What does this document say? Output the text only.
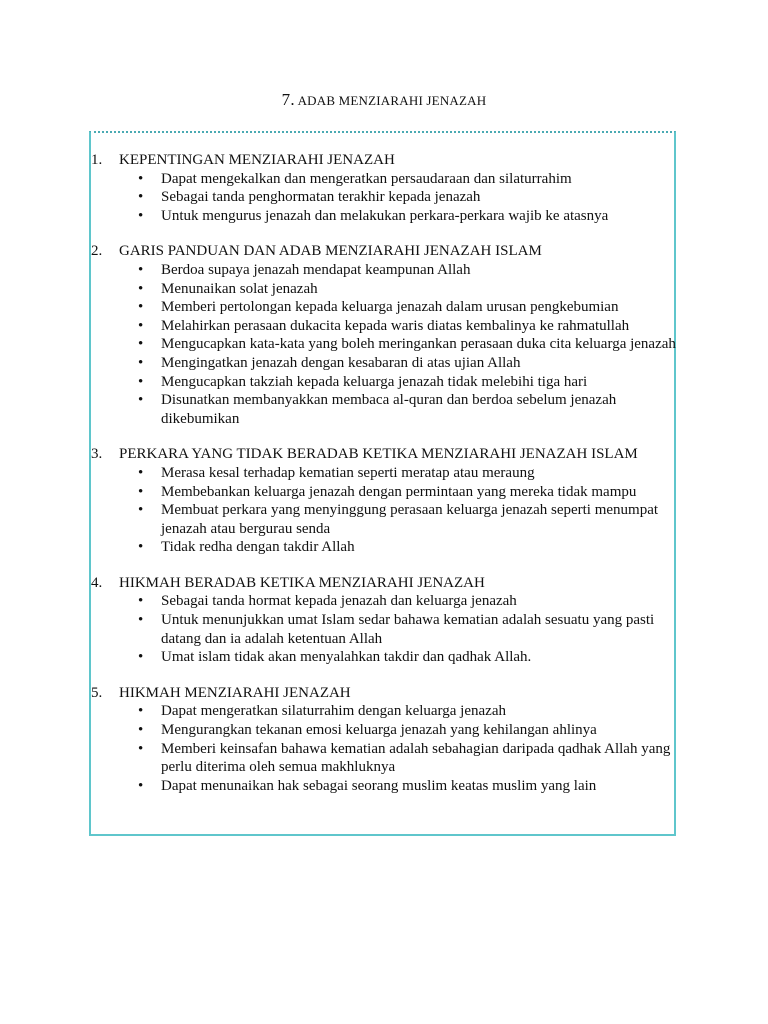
7. ADAB MENZIARAHI JENAZAH
1.	KEPENTINGAN MENZIARAHI JENAZAH
• Dapat mengekalkan dan mengeratkan persaudaraan dan silaturrahim
• Sebagai tanda penghormatan terakhir kepada jenazah
• Untuk mengurus jenazah dan melakukan perkara-perkara wajib ke atasnya
2.	GARIS PANDUAN DAN ADAB MENZIARAHI JENAZAH ISLAM
• Berdoa supaya jenazah mendapat keampunan Allah
• Menunaikan solat jenazah
• Memberi pertolongan kepada keluarga jenazah dalam urusan pengkebumian
• Melahirkan perasaan dukacita kepada waris diatas kembalinya ke rahmatullah
• Mengucapkan kata-kata yang boleh meringankan perasaan duka cita keluarga jenazah
• Mengingatkan jenazah dengan kesabaran di atas ujian Allah
• Mengucapkan takziah kepada keluarga jenazah tidak melebihi tiga hari
• Disunatkan membanyakkan membaca al-quran dan berdoa sebelum jenazah dikebumikan
3.	PERKARA YANG TIDAK BERADAB KETIKA MENZIARAHI JENAZAH ISLAM
• Merasa kesal terhadap kematian seperti meratap atau meraung
• Membebankan keluarga jenazah dengan permintaan yang mereka tidak mampu
• Membuat perkara yang menyinggung perasaan keluarga jenazah seperti menumpat jenazah atau bergurau senda
• Tidak redha dengan takdir Allah
4.	HIKMAH BERADAB KETIKA MENZIARAHI JENAZAH
• Sebagai tanda hormat kepada jenazah dan keluarga jenazah
• Untuk menunjukkan umat Islam sedar bahawa kematian adalah sesuatu yang pasti datang dan ia adalah ketentuan Allah
• Umat islam tidak akan menyalahkan takdir dan qadhak Allah.
5.	HIKMAH MENZIARAHI JENAZAH
• Dapat mengeratkan silaturrahim dengan keluarga jenazah
• Mengurangkan tekanan emosi keluarga jenazah yang kehilangan ahlinya
• Memberi keinsafan bahawa kematian adalah sebahagian daripada qadhak Allah yang perlu diterima oleh semua makhluknya
• Dapat menunaikan hak sebagai seorang muslim keatas muslim yang lain
